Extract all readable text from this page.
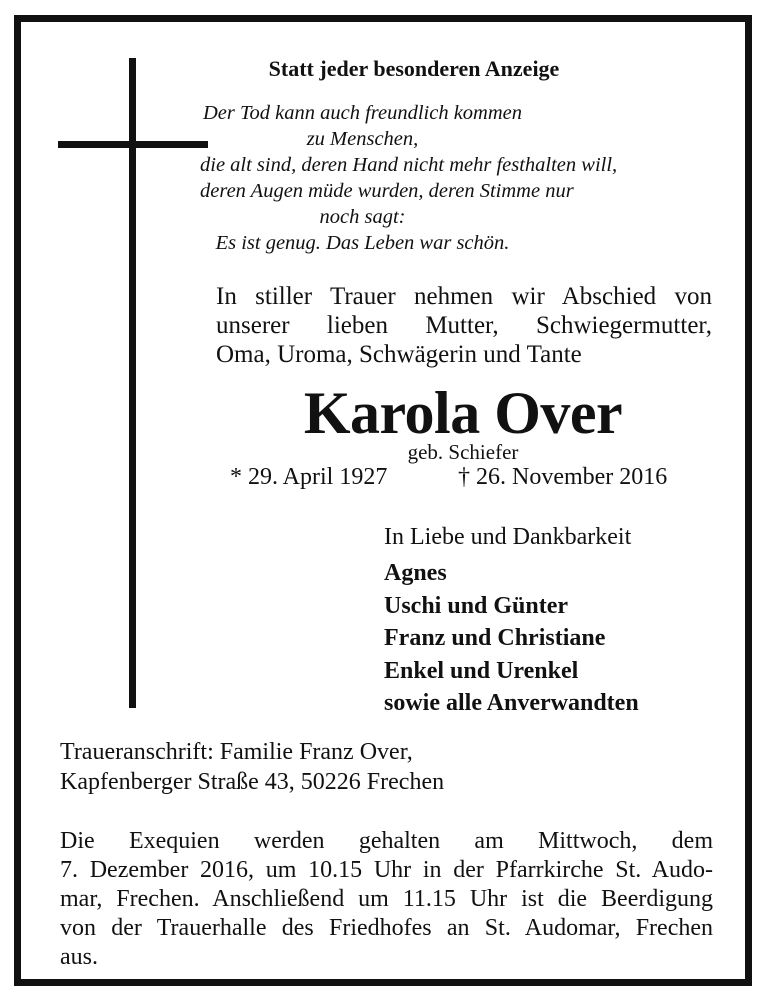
Statt jeder besonderen Anzeige
Der Tod kann auch freundlich kommen
zu Menschen,
die alt sind, deren Hand nicht mehr festhalten will,
deren Augen müde wurden, deren Stimme nur
noch sagt:
Es ist genug. Das Leben war schön.
In stiller Trauer nehmen wir Abschied von
unserer lieben Mutter, Schwiegermutter,
Oma, Uroma, Schwägerin und Tante
Karola Over
geb. Schiefer
* 29. April 1927	† 26. November 2016
In Liebe und Dankbarkeit
Agnes
Uschi und Günter
Franz und Christiane
Enkel und Urenkel
sowie alle Anverwandten
Traueranschrift: Familie Franz Over,
Kapfenberger Straße 43, 50226 Frechen
Die Exequien werden gehalten am Mittwoch, dem
7. Dezember 2016, um 10.15 Uhr in der Pfarrkirche St. Audo-
mar, Frechen. Anschließend um 11.15 Uhr ist die Beerdigung
von der Trauerhalle des Friedhofes an St. Audomar, Frechen
aus.
